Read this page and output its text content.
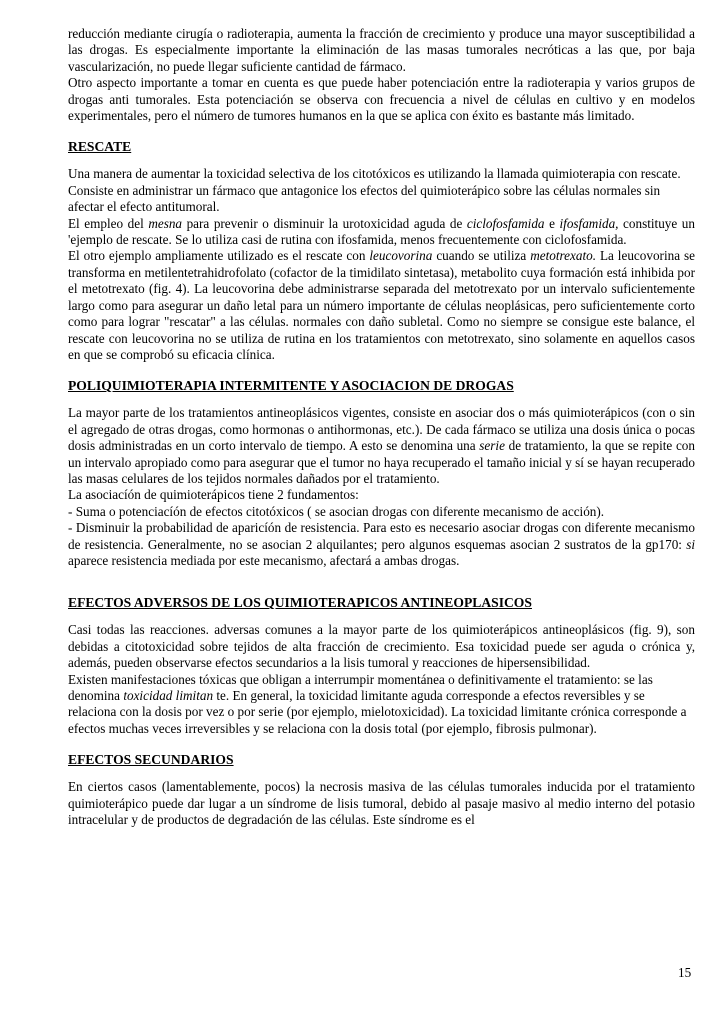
reducción mediante cirugía o radioterapia, aumenta la fracción de crecimiento y produce una mayor susceptibilidad a las drogas. Es especialmente importante la eliminación de las masas tumorales necróticas a las que, por baja vascularización, no puede llegar suficiente cantidad de fármaco.

Otro aspecto importante a tomar en cuenta es que puede haber potenciación entre la radioterapia y varios grupos de drogas anti tumorales. Esta potenciación se observa con frecuencia a nivel de células en cultivo y en modelos experimentales, pero el número de tumores humanos en la que se aplica con éxito es bastante más limitado.

RESCATE

Una manera de aumentar la toxicidad selectiva de los citotóxicos es utilizando la llamada quimioterapia con rescate. Consiste en administrar un fármaco que antagonice los efectos del quimioterápico sobre las células normales sin afectar el efecto antitumoral.

El empleo del mesna para prevenir o disminuir la urotoxicidad aguda de ciclofosfamida e ifosfamida, constituye un 'ejemplo de rescate. Se lo utiliza casi de rutina con ifosfamida, menos frecuentemente con ciclofosfamida.

El otro ejemplo ampliamente utilizado es el rescate con leucovorina cuando se utiliza metotrexato. La leucovorina se transforma en metilentetrahidrofolato (cofactor de la timidilato sintetasa), metabolito cuya formación está inhibida por el metotrexato (fig. 4). La leucovorina debe administrarse separada del metotrexato por un intervalo suficientemente largo como para asegurar un daño letal para un número importante de células neoplásicas, pero suficientemente corto como para lograr "rescatar" a las células. normales con daño subletal. Como no siempre se consigue este balance, el rescate con leucovorina no se utiliza de rutina en los tratamientos con metotrexato, sino solamente en aquellos casos en que se comprobó su eficacia clínica.

POLIQUIMIOTERAPIA INTERMITENTE Y ASOCIACION DE DROGAS

La mayor parte de los tratamientos antineoplásicos vigentes, consiste en asociar dos o más quimioterápicos (con o sin el agregado de otras drogas, como hormonas o antihormonas, etc.). De cada fármaco se utiliza una dosis única o pocas dosis administradas en un corto intervalo de tiempo. A esto se denomina una serie de tratamiento, la que se repite con un intervalo apropiado como para asegurar que el tumor no haya recuperado el tamaño inicial y sí se hayan recuperado las masas celulares de los tejidos normales dañados por el tratamiento.

La asociacíón de quimioterápicos tiene 2 fundamentos:

- Suma o potenciacíón de efectos citotóxicos ( se asocian drogas con diferente mecanismo de acción).

- Disminuir la probabilidad de aparicíón de resistencia. Para esto es necesario asociar drogas con diferente mecanismo de resistencia. Generalmente, no se asocian 2 alquilantes; pero algunos esquemas asocian 2 sustratos de la gp170: si aparece resistencia mediada por este mecanismo, afectará a ambas drogas.

EFECTOS ADVERSOS DE LOS QUIMIOTERAPICOS ANTINEOPLASICOS

Casi todas las reacciones. adversas comunes a la mayor parte de los quimioterápicos antineoplásicos (fig. 9), son debidas a citotoxicidad sobre tejidos de alta fracción de crecimiento. Esa toxicidad puede ser aguda o crónica y, además, pueden observarse efectos secundarios a la lisis tumoral y reacciones de hipersensibilidad.

Existen manifestaciones tóxicas que obligan a interrumpir momentánea o definitivamente el tratamiento: se las denomina toxicidad limitan te. En general, la toxicidad limitante aguda corresponde a efectos reversibles y se relaciona con la dosis por vez o por serie (por ejemplo, mielotoxicidad). La toxicidad limitante crónica corresponde a efectos muchas veces irreversibles y se relaciona con la dosis total (por ejemplo, fibrosis pulmonar).

EFECTOS SECUNDARIOS

En ciertos casos (lamentablemente, pocos) la necrosis masiva de las células tumorales inducida por el tratamiento quimioterápico puede dar lugar a un síndrome de lisis tumoral, debido al pasaje masivo al medio interno del potasio intracelular y de productos de degradación de las células. Este síndrome es el

15
